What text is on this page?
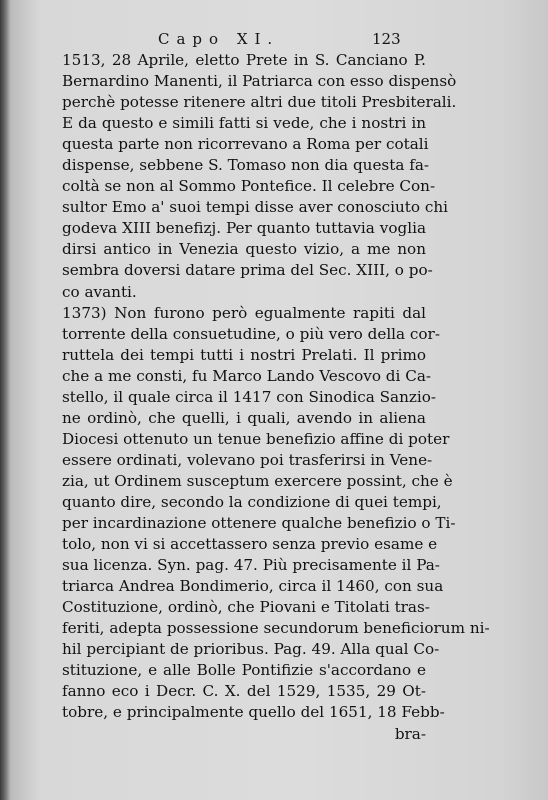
Capo XI.	123
1513, 28 Aprile, eletto Prete in S. Canciano P.
Bernardino Manenti, il Patriarca con esso dispensò
perchè potesse ritenere altri due titoli Presbiterali.
E da questo e simili fatti si vede, che i nostri in
questa parte non ricorrevano a Roma per cotali
dispense, sebbene S. Tomaso non dia questa fa-
coltà se non al Sommo Pontefice. Il celebre Con-
sultor Emo a' suoi tempi disse aver conosciuto chi
godeva XIII benefizj. Per quanto tuttavia voglia
dirsi antico in Venezia questo vizio, a me non
sembra doversi datare prima del Sec. XIII, o po-
co avanti.
1373) Non furono però egualmente rapiti dal
torrente della consuetudine, o più vero della cor-
ruttela dei tempi tutti i nostri Prelati. Il primo
che a me consti, fu Marco Lando Vescovo di Ca-
stello, il quale circa il 1417 con Sinodica Sanzio-
ne ordinò, che quelli, i quali, avendo in aliena
Diocesi ottenuto un tenue benefizio affine di poter
essere ordinati, volevano poi trasferirsi in Vene-
zia, ut Ordinem susceptum exercere possint, che è
quanto dire, secondo la condizione di quei tempi,
per incardinazione ottenere qualche benefizio o Ti-
tolo, non vi si accettassero senza previo esame e
sua licenza. Syn. pag. 47. Più precisamente il Pa-
triarca Andrea Bondimerio, circa il 1460, con sua
Costituzione, ordinò, che Piovani e Titolati tras-
feriti, adepta possessione secundorum beneficiorum ni-
hil percipiant de prioribus. Pag. 49. Alla qual Co-
stituzione, e alle Bolle Pontifizie s'accordano e
fanno eco i Decr. C. X. del 1529, 1535, 29 Ot-
tobre, e principalmente quello del 1651, 18 Febb-
bra-
